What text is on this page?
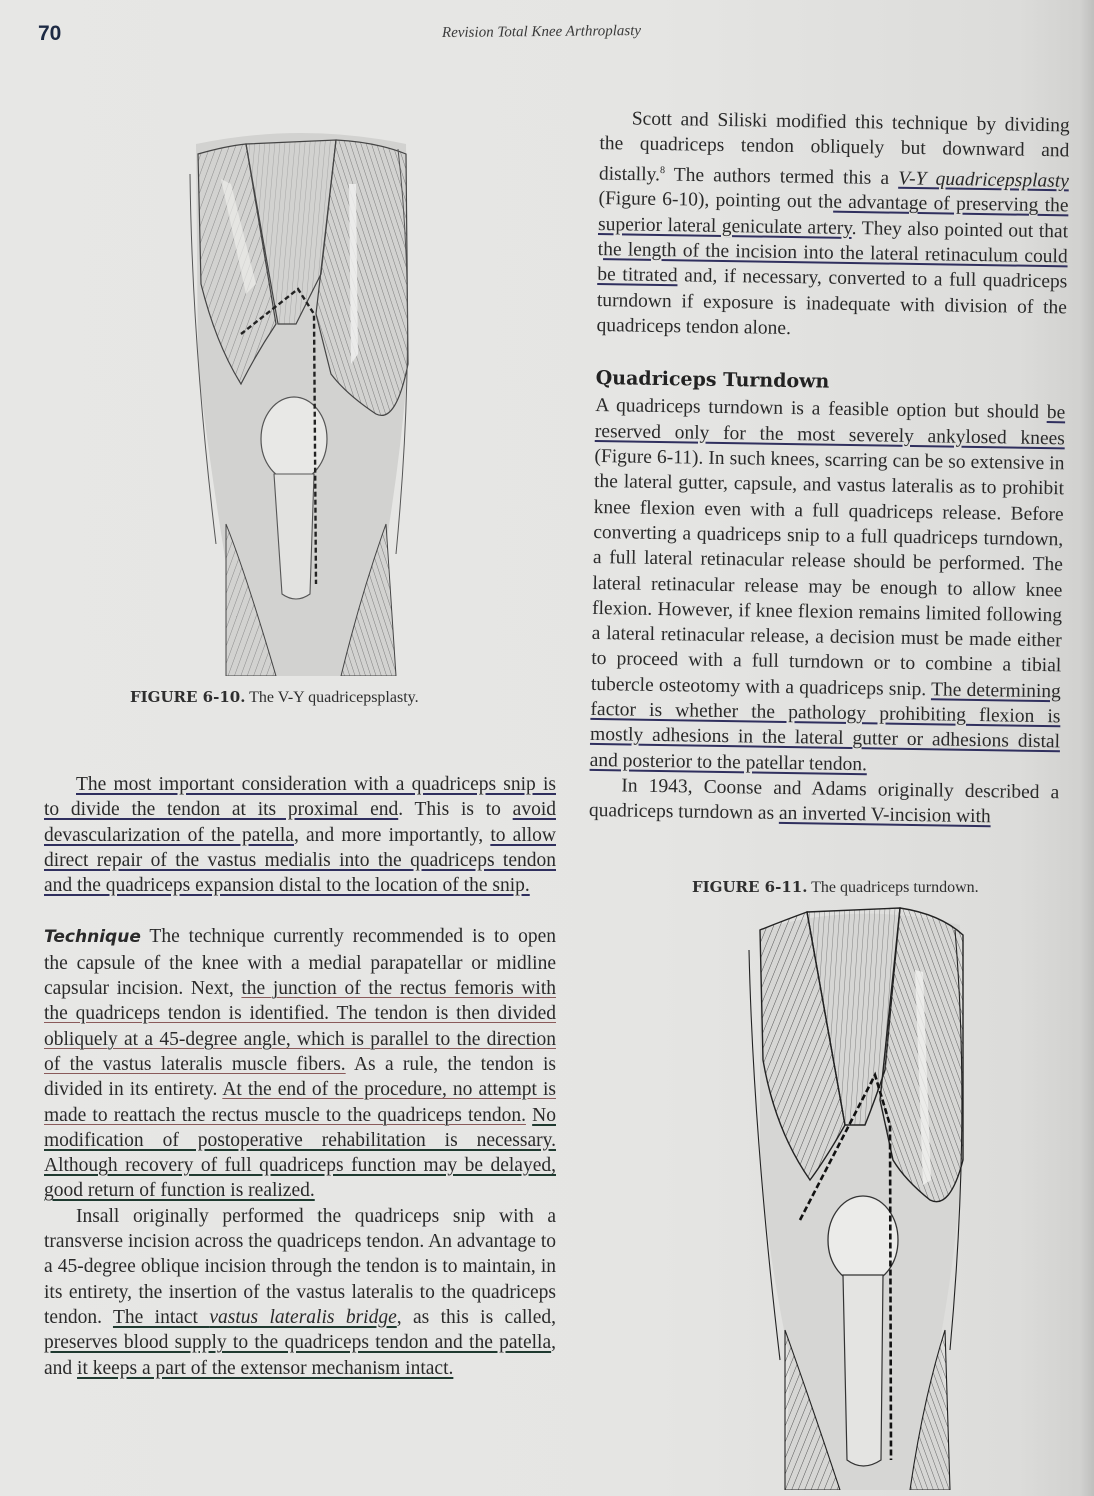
70	Revision Total Knee Arthroplasty
FIGURE 6-10. The V-Y quadricepsplasty.

The most important consideration with a quadriceps snip is to divide the tendon at its proximal end. This is to avoid devascularization of the patella, and more importantly, to allow direct repair of the vastus medialis into the quadriceps tendon and the quadriceps expansion distal to the location of the snip.

Technique The technique currently recommended is to open the capsule of the knee with a medial parapatellar or midline capsular incision. Next, the junction of the rectus femoris with the quadriceps tendon is identified. The tendon is then divided obliquely at a 45-degree angle, which is parallel to the direction of the vastus lateralis muscle fibers. As a rule, the tendon is divided in its entirety. At the end of the procedure, no attempt is made to reattach the rectus muscle to the quadriceps tendon. No modification of postoperative rehabilitation is necessary. Although recovery of full quadriceps function may be delayed, good return of function is realized.

Insall originally performed the quadriceps snip with a transverse incision across the quadriceps tendon. An advantage to a 45-degree oblique incision through the tendon is to maintain, in its entirety, the insertion of the vastus lateralis to the quadriceps tendon. The intact vastus lateralis bridge, as this is called, preserves blood supply to the quadriceps tendon and the patella, and it keeps a part of the extensor mechanism intact.

Scott and Siliski modified this technique by dividing the quadriceps tendon obliquely but downward and distally.$^8$ The authors termed this a V-Y quadricepsplasty (Figure 6-10), pointing out the advantage of preserving the superior lateral geniculate artery. They also pointed out that the length of the incision into the lateral retinaculum could be titrated and, if necessary, converted to a full quadriceps turndown if exposure is inadequate with division of the quadriceps tendon alone.

Quadriceps Turndown

A quadriceps turndown is a feasible option but should be reserved only for the most severely ankylosed knees (Figure 6-11). In such knees, scarring can be so extensive in the lateral gutter, capsule, and vastus lateralis as to prohibit knee flexion even with a full quadriceps release. Before converting a quadriceps snip to a full quadriceps turndown, a full lateral retinacular release should be performed. The lateral retinacular release may be enough to allow knee flexion. However, if knee flexion remains limited following a lateral retinacular release, a decision must be made either to proceed with a full turndown or to combine a tibial tubercle osteotomy with a quadriceps snip. The determining factor is whether the pathology prohibiting flexion is mostly adhesions in the lateral gutter or adhesions distal and posterior to the patellar tendon.

In 1943, Coonse and Adams originally described a quadriceps turndown as an inverted V-incision with

FIGURE 6-11. The quadriceps turndown.
